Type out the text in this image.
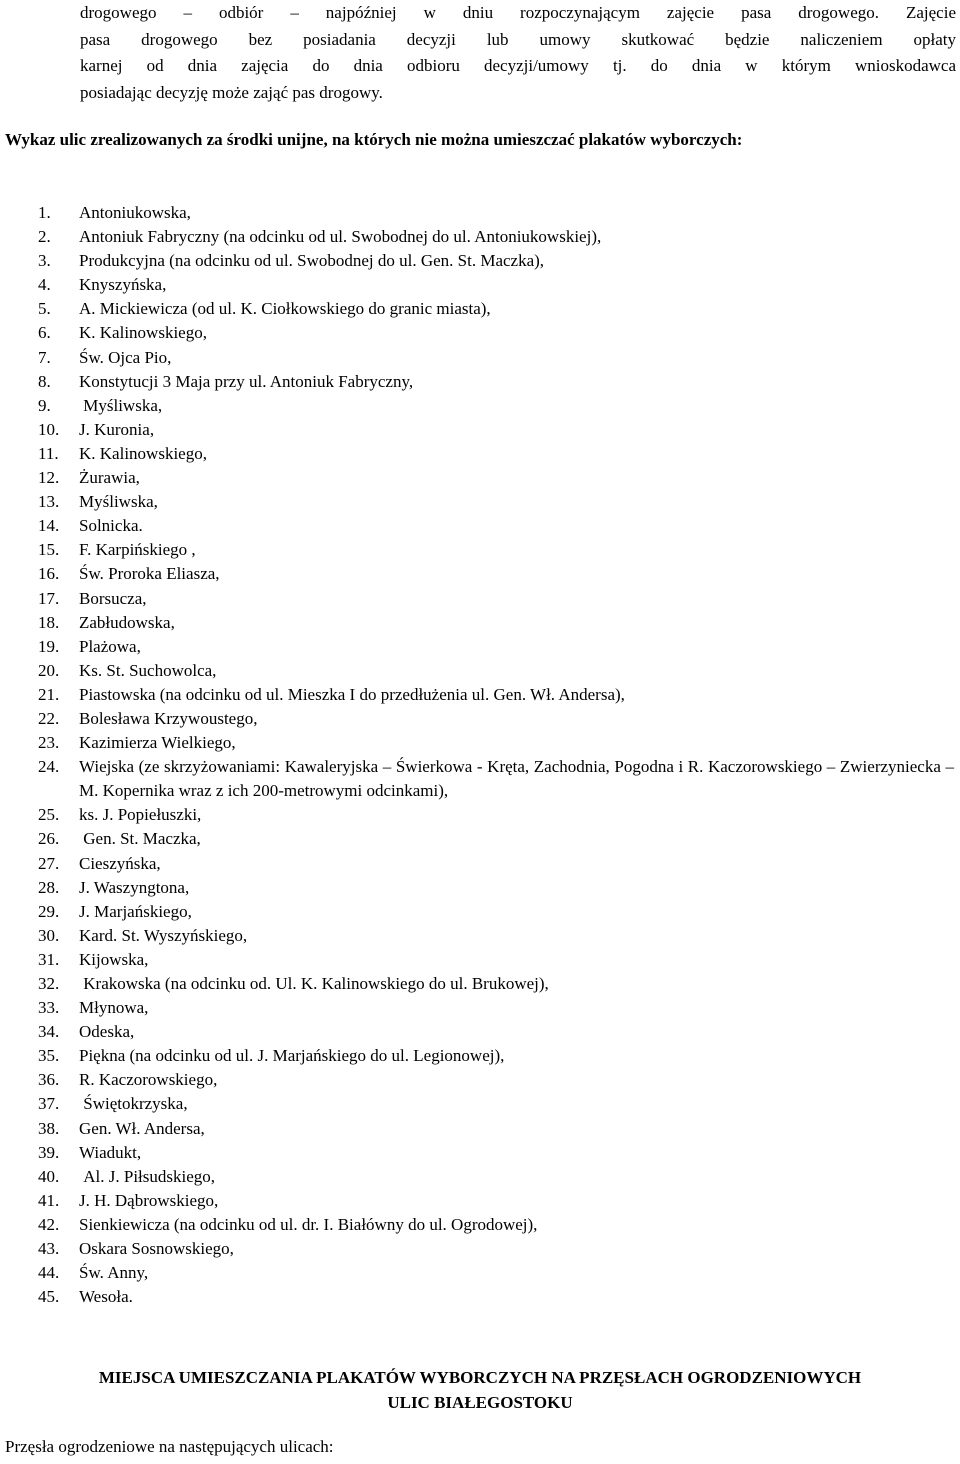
drogowego – odbiór – najpóźniej w dniu rozpoczynającym zajęcie pasa drogowego. Zajęcie
pasa drogowego bez posiadania decyzji lub umowy skutkować będzie naliczeniem opłaty
karnej od dnia zajęcia do dnia odbioru decyzji/umowy tj. do dnia w którym wnioskodawca
posiadając decyzję może zająć pas drogowy.

Wykaz ulic zrealizowanych za środki unijne, na których nie można umieszczać plakatów wyborczych:

1.	Antoniukowska,
2.	Antoniuk Fabryczny (na odcinku od ul. Swobodnej do ul. Antoniukowskiej),
3.	Produkcyjna (na odcinku od ul. Swobodnej do ul. Gen. St. Maczka),
4.	Knyszyńska,
5.	A. Mickiewicza (od ul. K. Ciołkowskiego do granic miasta),
6.	K. Kalinowskiego,
7.	Św. Ojca Pio,
8.	Konstytucji 3 Maja przy ul. Antoniuk Fabryczny,
9.	Myśliwska,
10.	J. Kuronia,
11.	K. Kalinowskiego,
12.	Żurawia,
13.	Myśliwska,
14.	Solnicka.
15.	F. Karpińskiego ,
16.	Św. Proroka Eliasza,
17.	Borsucza,
18.	Zabłudowska,
19.	Plażowa,
20.	Ks. St. Suchowolca,
21.	Piastowska (na odcinku od ul. Mieszka I do przedłużenia ul. Gen. Wł. Andersa),
22.	Bolesława Krzywoustego,
23.	Kazimierza Wielkiego,
24.	Wiejska (ze skrzyżowaniami: Kawaleryjska – Świerkowa - Kręta, Zachodnia, Pogodna i R. Kaczorowskiego – Zwierzyniecka – M. Kopernika wraz z ich 200-metrowymi odcinkami),
25.	ks. J. Popiełuszki,
26.	Gen. St. Maczka,
27.	Cieszyńska,
28.	J. Waszyngtona,
29.	J. Marjańskiego,
30.	Kard. St. Wyszyńskiego,
31.	Kijowska,
32.	Krakowska (na odcinku od. Ul. K. Kalinowskiego do ul. Brukowej),
33.	Młynowa,
34.	Odeska,
35.	Piękna (na odcinku od ul. J. Marjańskiego do ul. Legionowej),
36.	R. Kaczorowskiego,
37.	Świętokrzyska,
38.	Gen. Wł. Andersa,
39.	Wiadukt,
40.	Al. J. Piłsudskiego,
41.	J. H. Dąbrowskiego,
42.	Sienkiewicza (na odcinku od ul. dr. I. Białówny do ul. Ogrodowej),
43.	Oskara Sosnowskiego,
44.	Św. Anny,
45.	Wesoła.
MIEJSCA UMIESZCZANIA PLAKATÓW WYBORCZYCH NA PRZĘSŁACH OGRODZENIOWYCH
ULIC BIAŁEGOSTOKU

Przęsła ogrodzeniowe na następujących ulicach:
